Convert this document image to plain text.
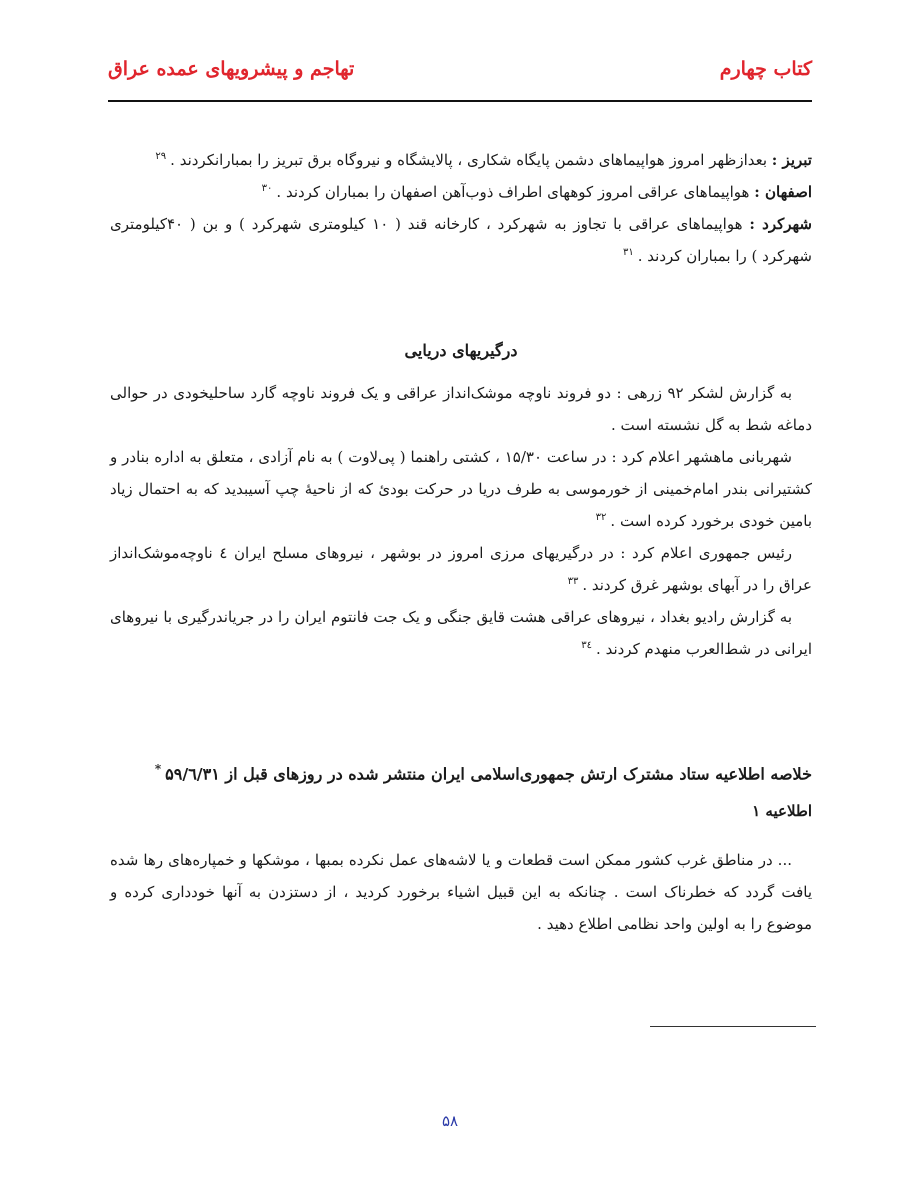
کتاب چهارم
تهاجم و پیشرویهای عمده عراق

تبریز : بعدازظهر امروز هواپیماهای دشمن پایگاه شکاری ، پالایشگاه و نیروگاه برق تبریز را بمبارانکردند .$^{۲۹}$

اصفهان : هواپیماهای عراقی امروز کوههای اطراف ذوب‌آهن اصفهان را بمباران کردند .$^{۳۰}$

شهرکرد : هواپیماهای عراقی با تجاوز به شهرکرد ، کارخانه قند ( ۱۰ کیلومتری شهرکرد ) و بن ( ۴۰کیلومتری شهرکرد ) را بمباران کردند .$^{۳۱}$

درگیریهای دریایی

به گزارش لشکر ۹۲ زرهی : دو فروند ناوچه موشک‌انداز عراقی و یک فروند ناوچه گارد ساحلیخودی در حوالی دماغه شط به گل نشسته است .

شهربانی ماهشهر اعلام کرد : در ساعت ۱۵/۳۰ ، کشتی راهنما ( پی‌لاوت ) به نام آزادی ، متعلق به اداره بنادر و کشتیرانی بندر امام‌خمینی از خورموسی به طرف دریا در حرکت بودئ که از ناحیهٔ چپ آسیبدید که به احتمال زیاد بامین خودی برخورد کرده است .$^{۳۲}$

رئیس جمهوری اعلام کرد : در درگیریهای مرزی امروز در بوشهر ، نیروهای مسلح ایران ٤ ناوچه‌موشک‌انداز عراق را در آبهای بوشهر غرق کردند .$^{۳۳}$

به گزارش رادیو بغداد ، نیروهای عراقی هشت قایق جنگی و یک جت فانتوم ایران را در جریاندرگیری با نیروهای ایرانی در شط‌العرب منهدم کردند .$^{۳٤}$

خلاصه اطلاعیه ستاد مشترک ارتش جمهوری‌اسلامی ایران منتشر شده در روزهای قبل از ۵۹/٦/۳۱*
اطلاعیه ۱

... در مناطق غرب کشور ممکن است قطعات و یا لاشه‌های عمل نکرده بمبها ، موشکها و خمپاره‌های رها شده یافت گردد که خطرناک است . چنانکه به این قبیل اشیاء برخورد کردید ، از دستزدن به آنها خودداری کرده و موضوع را به اولین واحد نظامی اطلاع دهید .

۵۸
